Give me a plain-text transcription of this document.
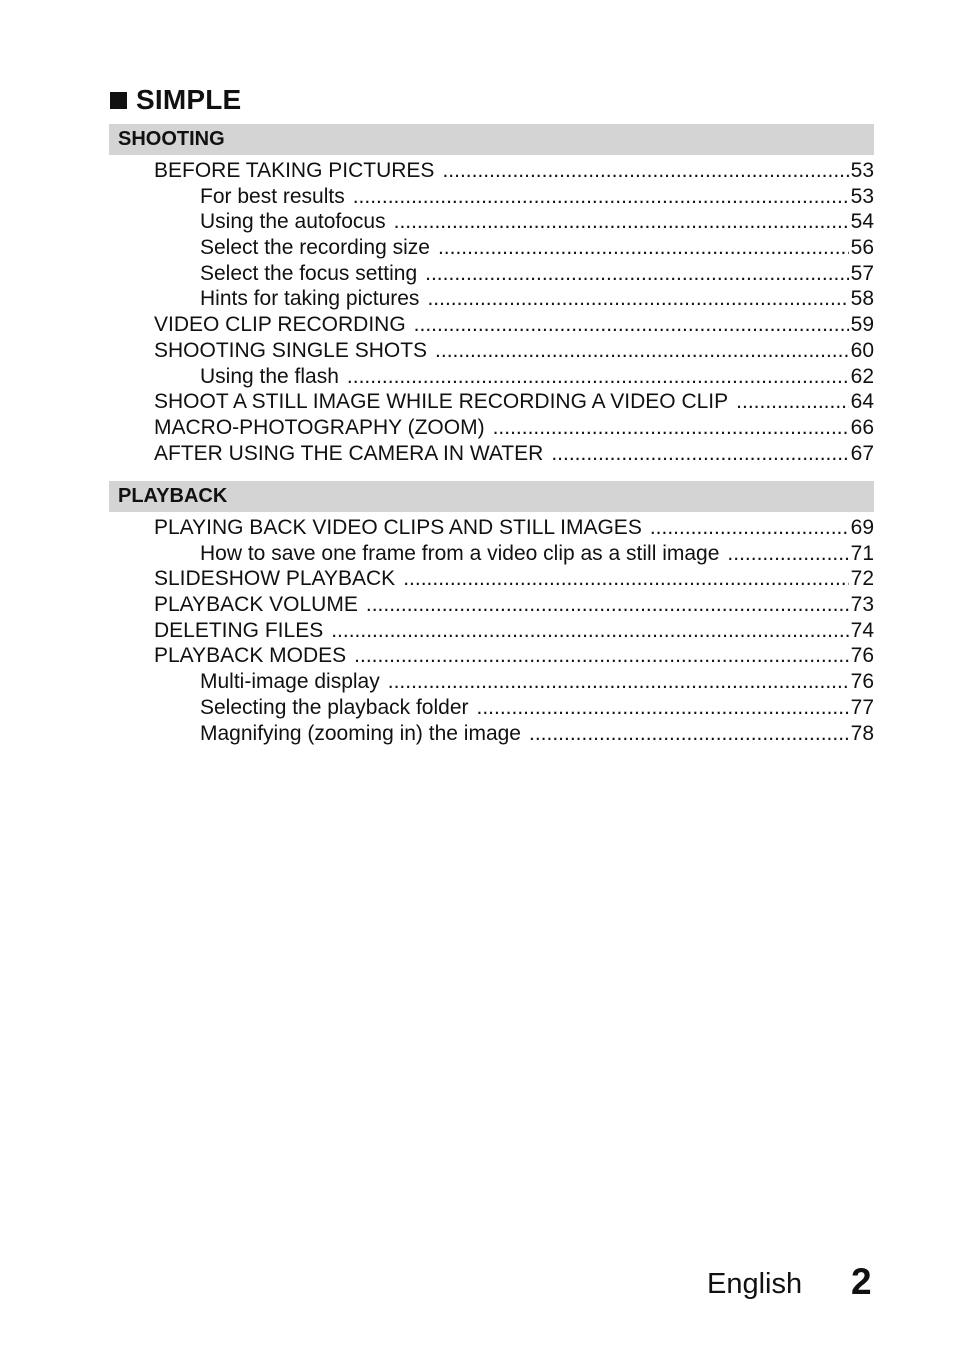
SIMPLE
SHOOTING
BEFORE TAKING PICTURES .....	53
For best results .....	53
Using the autofocus .....	54
Select the recording size .....	56
Select the focus setting .....	57
Hints for taking pictures .....	58
VIDEO CLIP RECORDING .....	59
SHOOTING SINGLE SHOTS .....	60
Using the flash .....	62
SHOOT A STILL IMAGE WHILE RECORDING A VIDEO CLIP .....	64
MACRO-PHOTOGRAPHY (ZOOM) .....	66
AFTER USING THE CAMERA IN WATER .....	67
PLAYBACK
PLAYING BACK VIDEO CLIPS AND STILL IMAGES .....	69
How to save one frame from a video clip as a still image .....	71
SLIDESHOW PLAYBACK .....	72
PLAYBACK VOLUME .....	73
DELETING FILES .....	74
PLAYBACK MODES .....	76
Multi-image display .....	76
Selecting the playback folder .....	77
Magnifying (zooming in) the image .....	78
English 2
